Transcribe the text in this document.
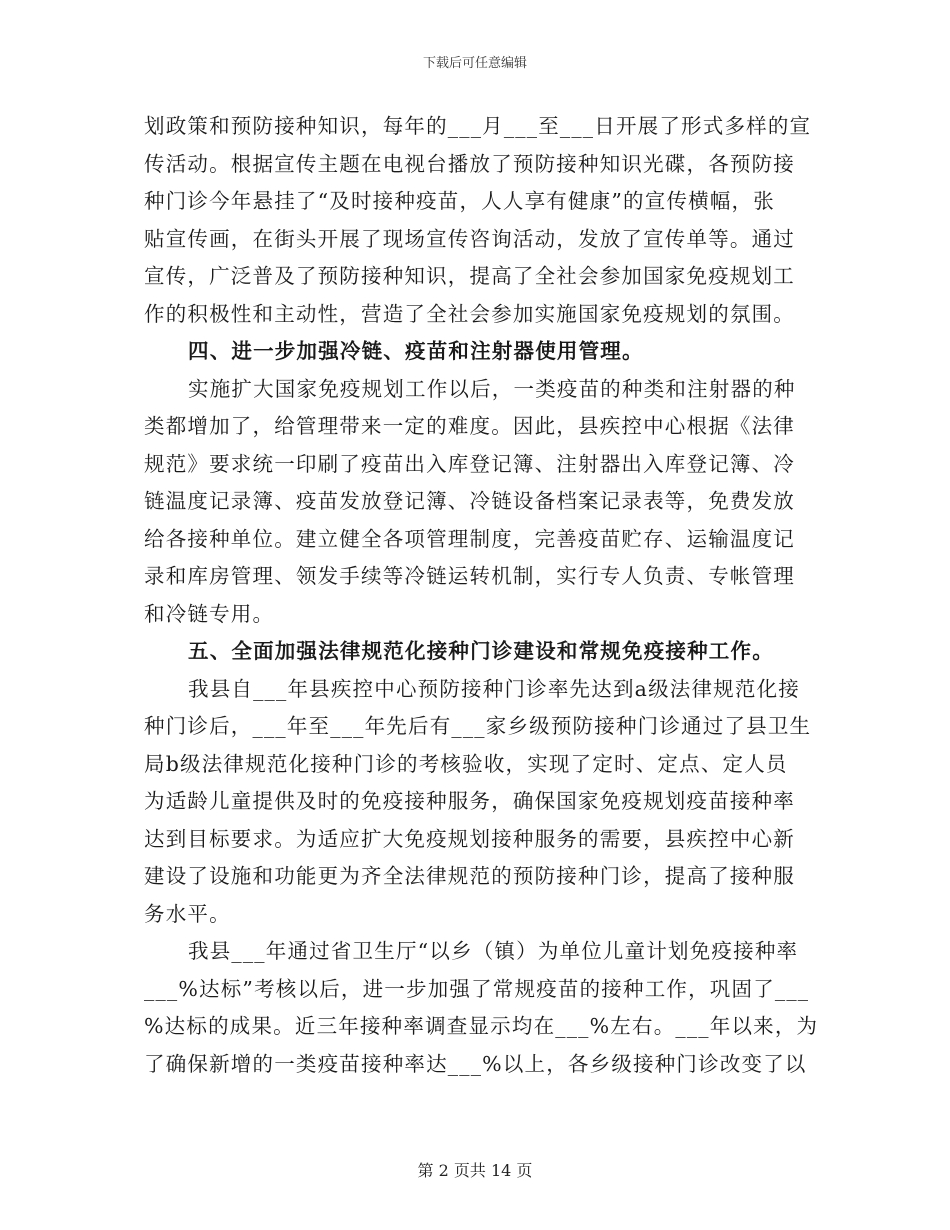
下载后可任意编辑
划政策和预防接种知识，每年的___月___至___日开展了形式多样的宣
传活动。根据宣传主题在电视台播放了预防接种知识光碟，各预防接
种门诊今年悬挂了“及时接种疫苗，人人享有健康”的宣传横幅，张
贴宣传画，在街头开展了现场宣传咨询活动，发放了宣传单等。通过
宣传，广泛普及了预防接种知识，提高了全社会参加国家免疫规划工
作的积极性和主动性，营造了全社会参加实施国家免疫规划的氛围。
四、进一步加强冷链、疫苗和注射器使用管理。
实施扩大国家免疫规划工作以后，一类疫苗的种类和注射器的种
类都增加了，给管理带来一定的难度。因此，县疾控中心根据《法律
规范》要求统一印刷了疫苗出入库登记簿、注射器出入库登记簿、冷
链温度记录簿、疫苗发放登记簿、冷链设备档案记录表等，免费发放
给各接种单位。建立健全各项管理制度，完善疫苗贮存、运输温度记
录和库房管理、领发手续等冷链运转机制，实行专人负责、专帐管理
和冷链专用。
五、全面加强法律规范化接种门诊建设和常规免疫接种工作。
我县自___年县疾控中心预防接种门诊率先达到a级法律规范化接
种门诊后，___年至___年先后有___家乡级预防接种门诊通过了县卫生
局b级法律规范化接种门诊的考核验收，实现了定时、定点、定人员
为适龄儿童提供及时的免疫接种服务，确保国家免疫规划疫苗接种率
达到目标要求。为适应扩大免疫规划接种服务的需要，县疾控中心新
建设了设施和功能更为齐全法律规范的预防接种门诊，提高了接种服
务水平。
我县___年通过省卫生厅“以乡（镇）为单位儿童计划免疫接种率
___%达标”考核以后，进一步加强了常规疫苗的接种工作，巩固了___
%达标的成果。近三年接种率调查显示均在___%左右。___年以来，为
了确保新增的一类疫苗接种率达___%以上，各乡级接种门诊改变了以
第 2 页共 14 页
